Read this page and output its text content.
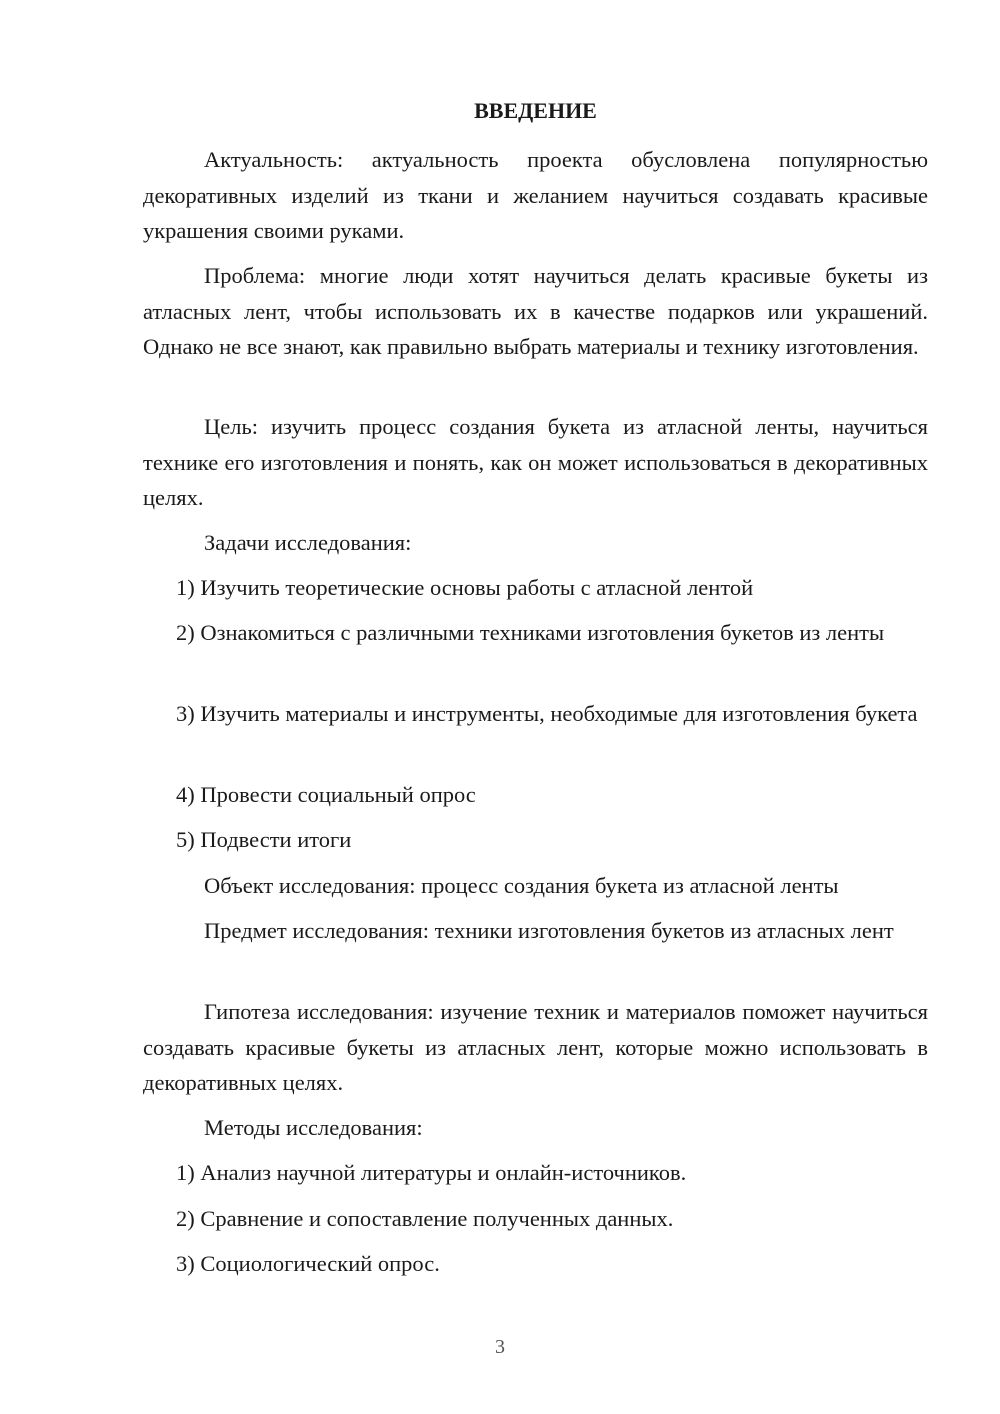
ВВЕДЕНИЕ

Актуальность: актуальность проекта обусловлена популярностью декоративных изделий из ткани и желанием научиться создавать красивые украшения своими руками.

Проблема: многие люди хотят научиться делать красивые букеты из атласных лент, чтобы использовать их в качестве подарков или украшений. Однако не все знают, как правильно выбрать материалы и технику изготовления.

Цель: изучить процесс создания букета из атласной ленты, научиться технике его изготовления и понять, как он может использоваться в декоративных целях.

Задачи исследования:

1) Изучить теоретические основы работы с атласной лентой

2) Ознакомиться с различными техниками изготовления букетов из ленты

3) Изучить материалы и инструменты, необходимые для изготовления букета

4) Провести социальный опрос

5) Подвести итоги

Объект исследования: процесс создания букета из атласной ленты

Предмет исследования: техники изготовления букетов из атласных лент

Гипотеза исследования: изучение техник и материалов поможет научиться создавать красивые букеты из атласных лент, которые можно использовать в декоративных целях.

Методы исследования:

1) Анализ научной литературы и онлайн-источников.

2) Сравнение и сопоставление полученных данных.

3) Социологический опрос.

3
